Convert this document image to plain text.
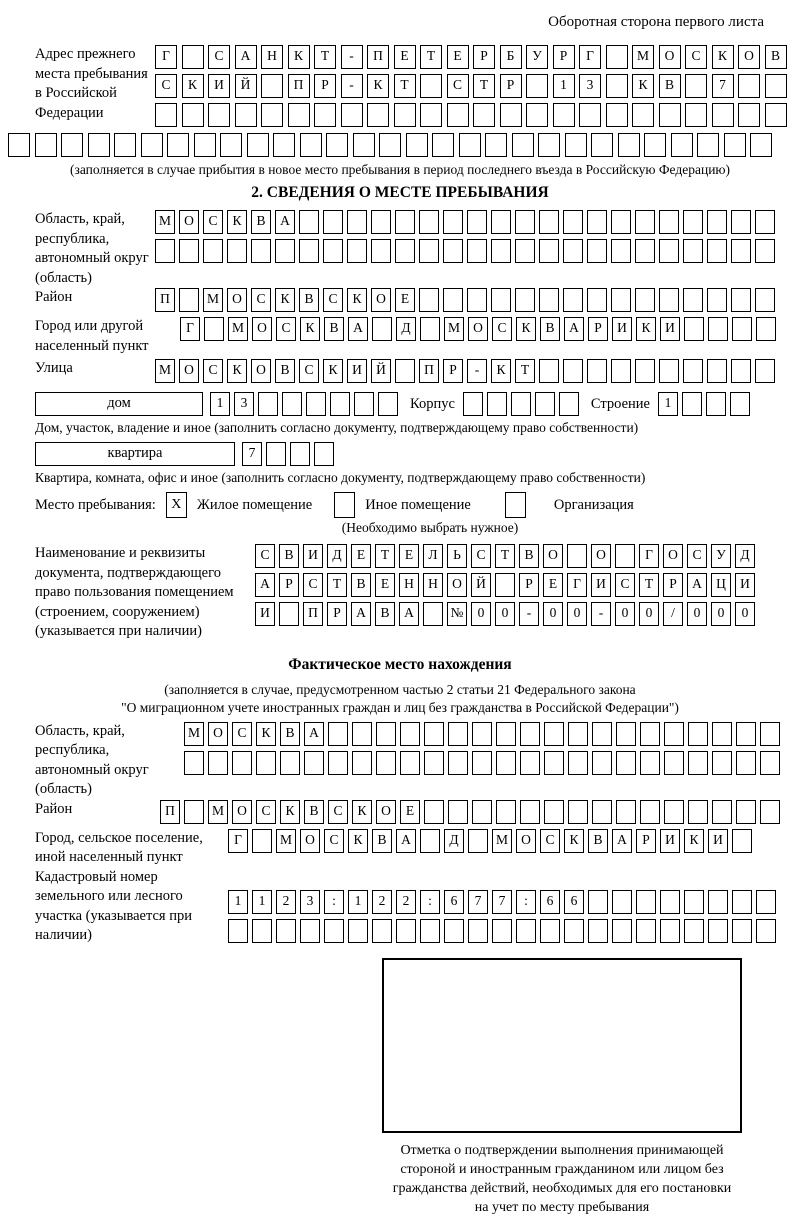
Оборотная сторона первого листа
Адрес прежнего места пребывания в Российской Федерации
Г	С А Н К Т - П Е Т Е Р Б У Р Г	М О С К О В
С К И Й	П Р - К Т	С Т Р	1 3	К В	7
(заполняется в случае прибытия в новое место пребывания в период последнего въезда в Российскую Федерацию)
2. СВЕДЕНИЯ О МЕСТЕ ПРЕБЫВАНИЯ
Область, край, республика, автономный округ (область)
М О С К В А
Район	П	М О С К В С К О Е
Город или другой населенный пункт
Г	М О С К В А	Д	М О С К В А Р И К И
Улица	М О С К О В С К И Й	П Р - К Т
дом	1 3	Корпус	Строение 1
Дом, участок, владение и иное (заполнить согласно документу, подтверждающему право собственности)
квартира	7
Квартира, комната, офис и иное (заполнить согласно документу, подтверждающему право собственности)
Место пребывания:	X	Жилое помещение	Иное помещение	Организация
(Необходимо выбрать нужное)
Наименование и реквизиты документа, подтверждающего право пользования помещением (строением, сооружением) (указывается при наличии)
С В И Д Е Т Е Л Ь С Т В О	О	Г О С У Д
А Р С Т В Е Н Н О Й	Р Е Г И С Т Р А Ц И
И	П Р А В А	№ 0 0 - 0 0 - 0 0 / 0 0 0
Фактическое место нахождения
(заполняется в случае, предусмотренном частью 2 статьи 21 Федерального закона
"О миграционном учете иностранных граждан и лиц без гражданства в Российской Федерации")
Область, край, республика, автономный округ (область)
М О С К В А
Район	П	М О С К В С К О Е
Город, сельское поселение, иной населенный пункт
Г	М О С К В А	Д	М О С К В А Р И К И
Кадастровый номер земельного или лесного участка (указывается при наличии)
1 1 2 3 : 1 2 2 : 6 7 7 : 6 6
Отметка о подтверждении выполнения принимающей
стороной и иностранным гражданином или лицом без
гражданства действий, необходимых для его постановки
на учет по месту пребывания
